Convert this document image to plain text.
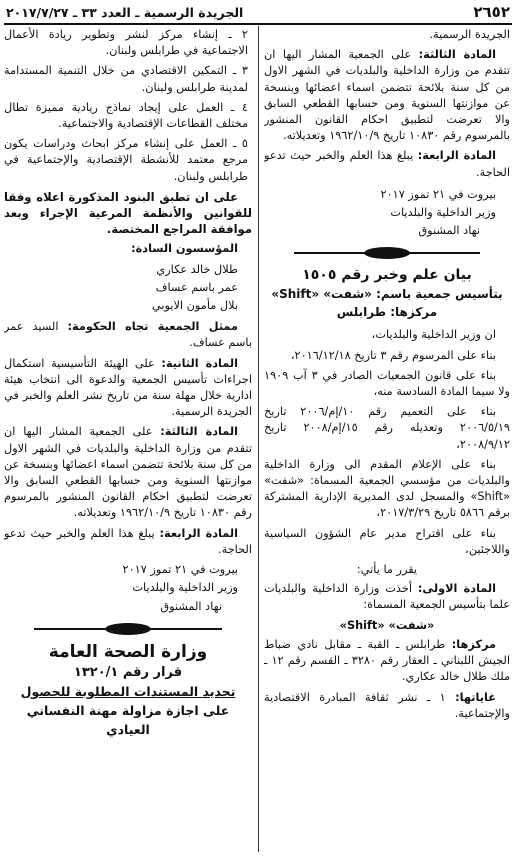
٢٦٥٢
الجريدة الرسمية ـ العدد ٣٣ ـ ٢٠١٧/٧/٢٧
الجريدة الرسمية.
المادة الثالثة: على الجمعية المشار اليها ان تتقدم من وزارة الداخلية والبلديات في الشهر الاول من كل سنة بلائحة تتضمن اسماء اعضائها وبنسخة عن موازنتها السنوية ومن حسابها القطعي السابق والا تعرضت لتطبيق احكام القانون المنشور بالمرسوم رقم ١٠٨٣٠ تاريخ ١٩٦٢/١٠/٩ وتعديلاته.
المادة الرابعة: يبلغ هذا العلم والخبر حيث تدعو الحاجة.
بيروت في ٢١ تموز ٢٠١٧
وزير الداخلية والبلديات
نهاد المشنوق
بيان علم وخبر رقم ١٥٠٥
بتأسيس جمعية باسم: «شفت» «Shift»
مركزها: طرابلس
ان وزير الداخلية والبلديات،
بناء على المرسوم رقم ٣ تاريخ ٢٠١٦/١٢/١٨،
بناء على قانون الجمعيات الصادر في ٣ آب ١٩٠٩ ولا سيما المادة السادسة منه،
بناء على التعميم رقم ١٠/إم/٢٠٠٦ تاريخ ٢٠٠٦/٥/١٩ وتعديله رقم ١٥/إم/٢٠٠٨ تاريخ ٢٠٠٨/٩/١٢،
بناء على الإعلام المقدم الى وزارة الداخلية والبلديات من مؤسسي الجمعية المسماة: «شفت» «Shift» والمسجل لدى المديرية الإدارية المشتركة برقم ٥٨٦٦ تاريخ ٢٠١٧/٣/٢٩،
بناء على اقتراح مدير عام الشؤون السياسية واللاجئين،
يقرر ما يأتي:
المادة الاولى: أخذت وزارة الداخلية والبلديات علما بتأسيس الجمعية المسماة:
«شفت» «Shift»
مركزها: طرابلس ـ القبة ـ مقابل نادي ضباط الجيش اللبناني ـ العقار رقم ٣٢٨٠ ـ القسم رقم ١٢ ـ ملك طلال خالد عكاري.
غاياتها: ١ ـ نشر ثقافة المبادرة الاقتصادية والإجتماعية.
٢ ـ إنشاء مركز لنشر وتطوير ريادة الأعمال الاجتماعية في طرابلس ولبنان.
٣ ـ التمكين الاقتصادي من خلال التنمية المستدامة لمدينة طرابلس ولبنان.
٤ ـ العمل على إيجاد نماذج ريادية مميزة تطال مختلف القطاعات الإقتصادية والاجتماعية.
٥ ـ العمل على إنشاء مركز ابحاث ودراسات يكون مرجع معتمد للأنشطة الإقتصادية والإجتماعية في طرابلس ولبنان.
على ان تطبق البنود المذكورة اعلاه وفقا للقوانين والأنظمة المرعية الإجراء وبعد موافقة المراجع المختصة.
المؤسسون السادة:
طلال خالد عكاري
عمر باسم عساف
بلال مأمون الايوبي
ممثل الجمعية تجاه الحكومة: السيد عمر باسم عساف.
المادة الثانية: على الهيئة التأسيسية استكمال اجراءات تأسيس الجمعية والدعوة الى انتخاب هيئة ادارية خلال مهلة سنة من تاريخ نشر العلم والخبر في الجريدة الرسمية.
المادة الثالثة: على الجمعية المشار اليها ان تتقدم من وزارة الداخلية والبلديات في الشهر الاول من كل سنة بلائحة تتضمن اسماء اعضائها وبنسخة عن موازنتها السنوية ومن حسابها القطعي السابق والا تعرضت لتطبيق احكام القانون المنشور بالمرسوم رقم ١٠٨٣٠ تاريخ ١٩٦٢/١٠/٩ وتعديلاته.
المادة الرابعة: يبلغ هذا العلم والخبر حيث تدعو الحاجة.
بيروت في ٢١ تموز ٢٠١٧
وزير الداخلية والبلديات
نهاد المشنوق
وزارة الصحة العامة
قرار رقم ١٣٢٠/١
تحديد المستندات المطلوبة للحصول
على اجازة مزاولة مهنة النفساني العيادي
